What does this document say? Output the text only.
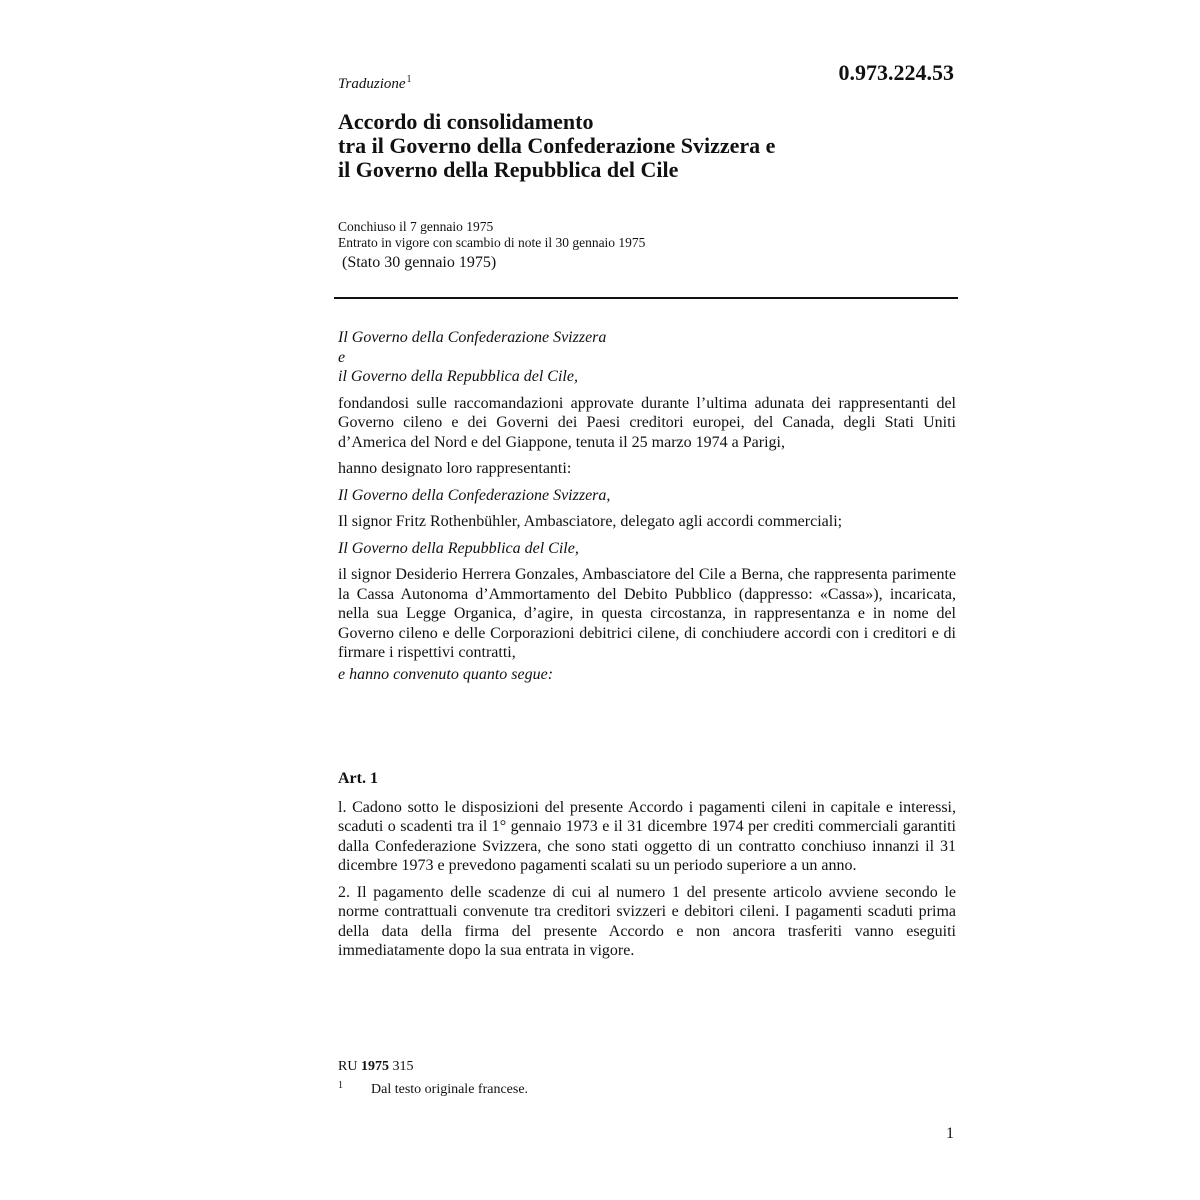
Traduzione$^1$	0.973.224.53
Accordo di consolidamento
tra il Governo della Confederazione Svizzera e
il Governo della Repubblica del Cile
Conchiuso il 7 gennaio 1975
Entrato in vigore con scambio di note il 30 gennaio 1975
(Stato 30 gennaio 1975)

Il Governo della Confederazione Svizzera

e

il Governo della Repubblica del Cile,

fondandosi sulle raccomandazioni approvate durante l’ultima adunata dei rappresentanti del Governo cileno e dei Governi dei Paesi creditori europei, del Canada, degli Stati Uniti d’America del Nord e del Giappone, tenuta il 25 marzo 1974 a Parigi,

hanno designato loro rappresentanti:

Il Governo della Confederazione Svizzera,

Il signor Fritz Rothenbühler, Ambasciatore, delegato agli accordi commerciali;

Il Governo della Repubblica del Cile,

il signor Desiderio Herrera Gonzales, Ambasciatore del Cile a Berna, che rappresenta parimente la Cassa Autonoma d’Ammortamento del Debito Pubblico (dappresso: «Cassa»), incaricata, nella sua Legge Organica, d’agire, in questa circostanza, in rappresentanza e in nome del Governo cileno e delle Corporazioni debitrici cilene, di conchiudere accordi con i creditori e di firmare i rispettivi contratti,

e hanno convenuto quanto segue:

Art. 1

l. Cadono sotto le disposizioni del presente Accordo i pagamenti cileni in capitale e interessi, scaduti o scadenti tra il 1° gennaio 1973 e il 31 dicembre 1974 per crediti commerciali garantiti dalla Confederazione Svizzera, che sono stati oggetto di un contratto conchiuso innanzi il 31 dicembre 1973 e prevedono pagamenti scalati su un periodo superiore a un anno.

2. Il pagamento delle scadenze di cui al numero 1 del presente articolo avviene secondo le norme contrattuali convenute tra creditori svizzeri e debitori cileni. I pagamenti scaduti prima della data della firma del presente Accordo e non ancora trasferiti vanno eseguiti immediatamente dopo la sua entrata in vigore.

RU 1975 315
1 Dal testo originale francese.
1
